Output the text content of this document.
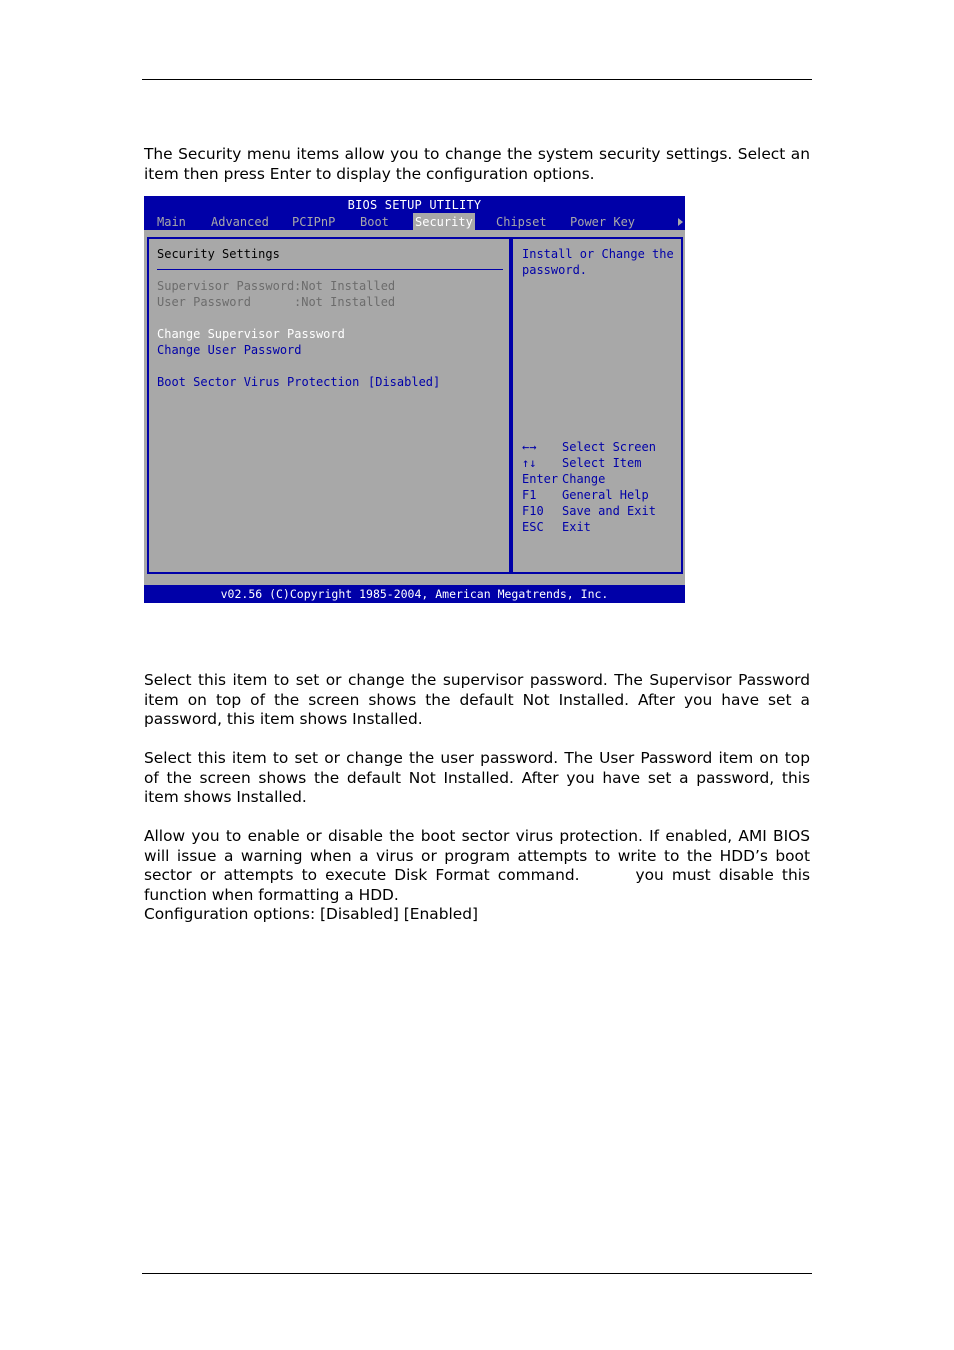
The Security menu items allow you to change the system security settings. Select an item then press Enter to display the configuration options.

BIOS SETUP UTILITY
Main Advanced PCIPnP Boot Security Chipset Power Key
Security Settings
Supervisor Password :Not Installed
User Password	:Not Installed
Change Supervisor Password
Change User Password
Boot Sector Virus Protection [Disabled]
Install or Change the
password.
←→ Select Screen
↑↓ Select Item
Enter Change
F1 General Help
F10 Save and Exit
ESC Exit
v02.56 (C)Copyright 1985-2004, American Megatrends, Inc.

Select this item to set or change the supervisor password. The Supervisor Password item on top of the screen shows the default Not Installed. After you have set a password, this item shows Installed.

Select this item to set or change the user password. The User Password item on top of the screen shows the default Not Installed. After you have set a password, this item shows Installed.

Allow you to enable or disable the boot sector virus protection. If enabled, AMI BIOS will issue a warning when a virus or program attempts to write to the HDD’s boot sector or attempts to execute Disk Format command.	you must disable this function when formatting a HDD.

Configuration options: [Disabled] [Enabled]
